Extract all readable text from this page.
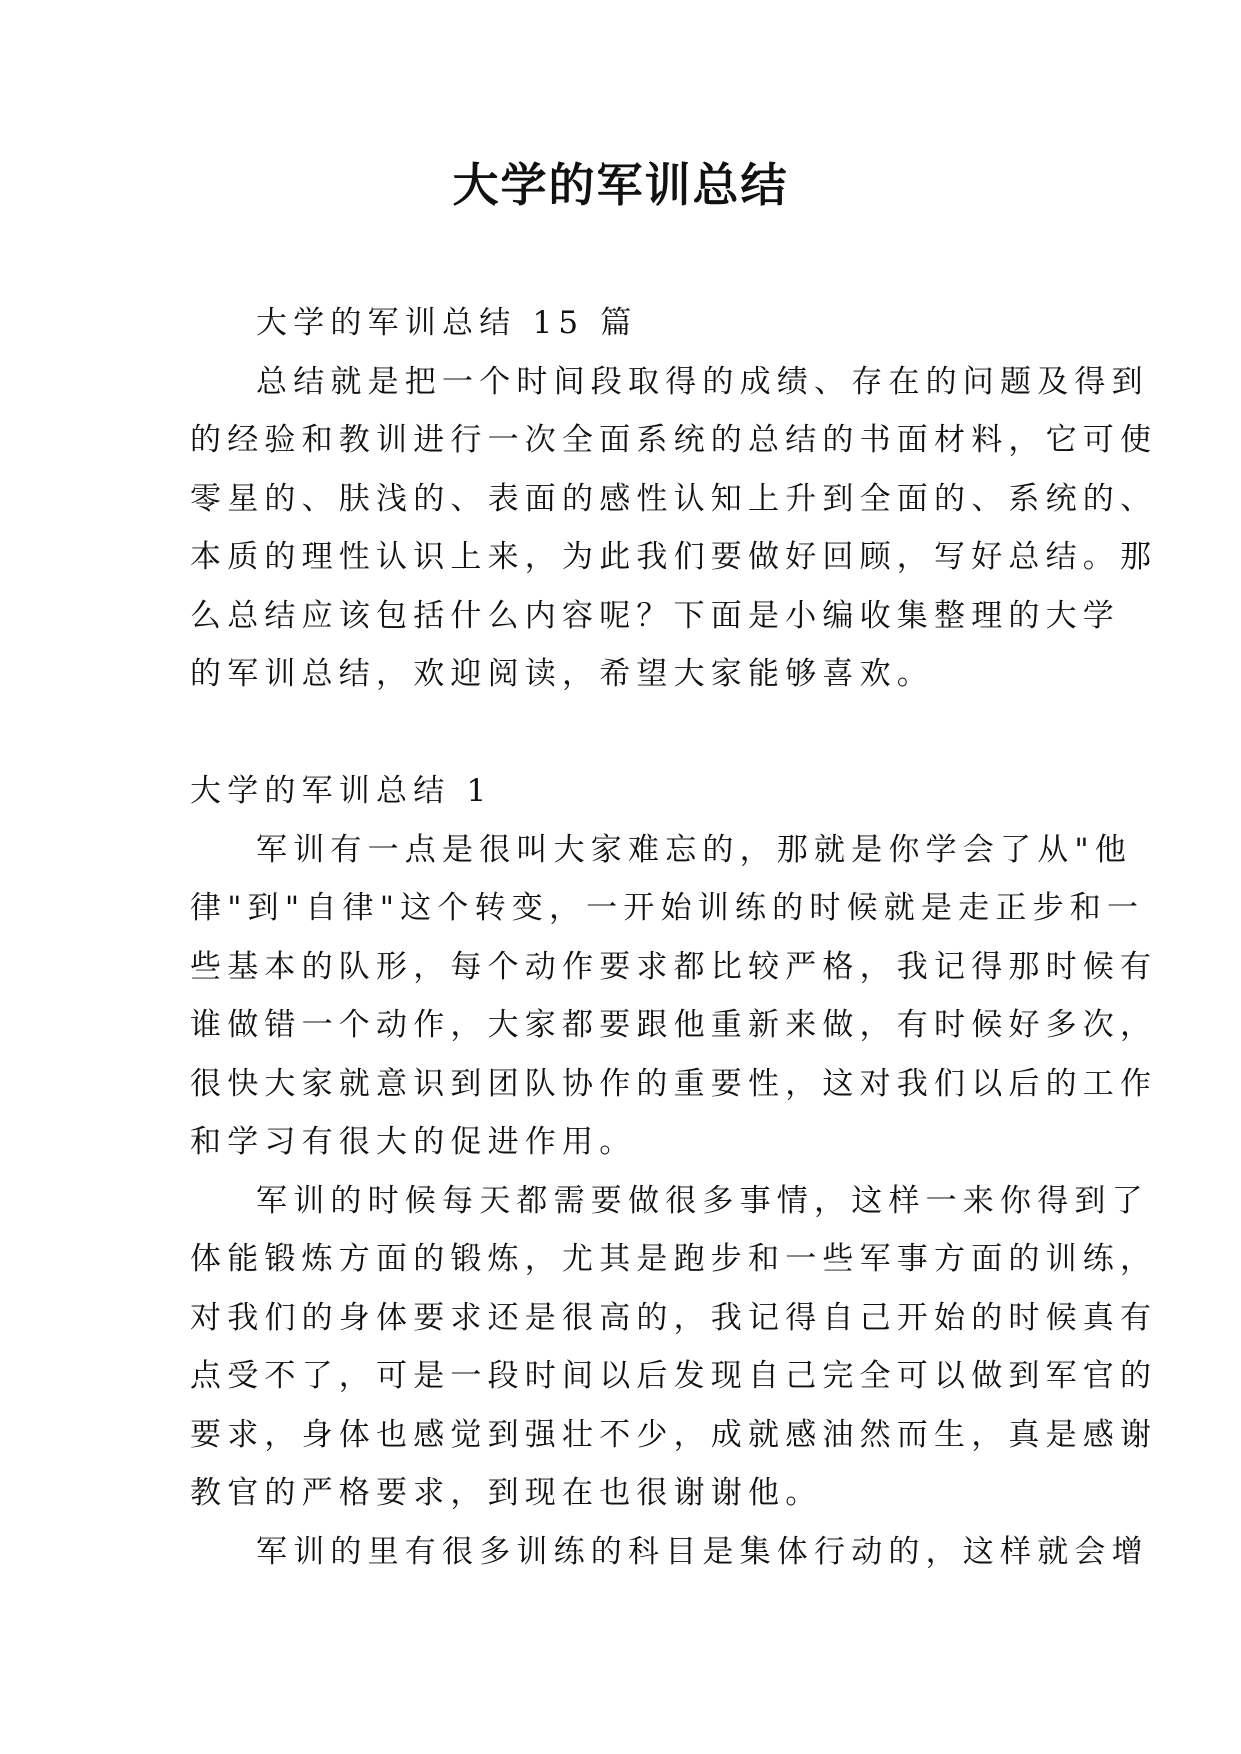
大学的军训总结
大学的军训总结 15 篇
总结就是把一个时间段取得的成绩、存在的问题及得到
的经验和教训进行一次全面系统的总结的书面材料，它可使
零星的、肤浅的、表面的感性认知上升到全面的、系统的、
本质的理性认识上来，为此我们要做好回顾，写好总结。那
么总结应该包括什么内容呢？下面是小编收集整理的大学
的军训总结，欢迎阅读，希望大家能够喜欢。
大学的军训总结 1
军训有一点是很叫大家难忘的，那就是你学会了从"他
律"到"自律"这个转变，一开始训练的时候就是走正步和一
些基本的队形，每个动作要求都比较严格，我记得那时候有
谁做错一个动作，大家都要跟他重新来做，有时候好多次，
很快大家就意识到团队协作的重要性，这对我们以后的工作
和学习有很大的促进作用。
军训的时候每天都需要做很多事情，这样一来你得到了
体能锻炼方面的锻炼，尤其是跑步和一些军事方面的训练，
对我们的身体要求还是很高的，我记得自己开始的时候真有
点受不了，可是一段时间以后发现自己完全可以做到军官的
要求，身体也感觉到强壮不少，成就感油然而生，真是感谢
教官的严格要求，到现在也很谢谢他。
军训的里有很多训练的科目是集体行动的，这样就会增
